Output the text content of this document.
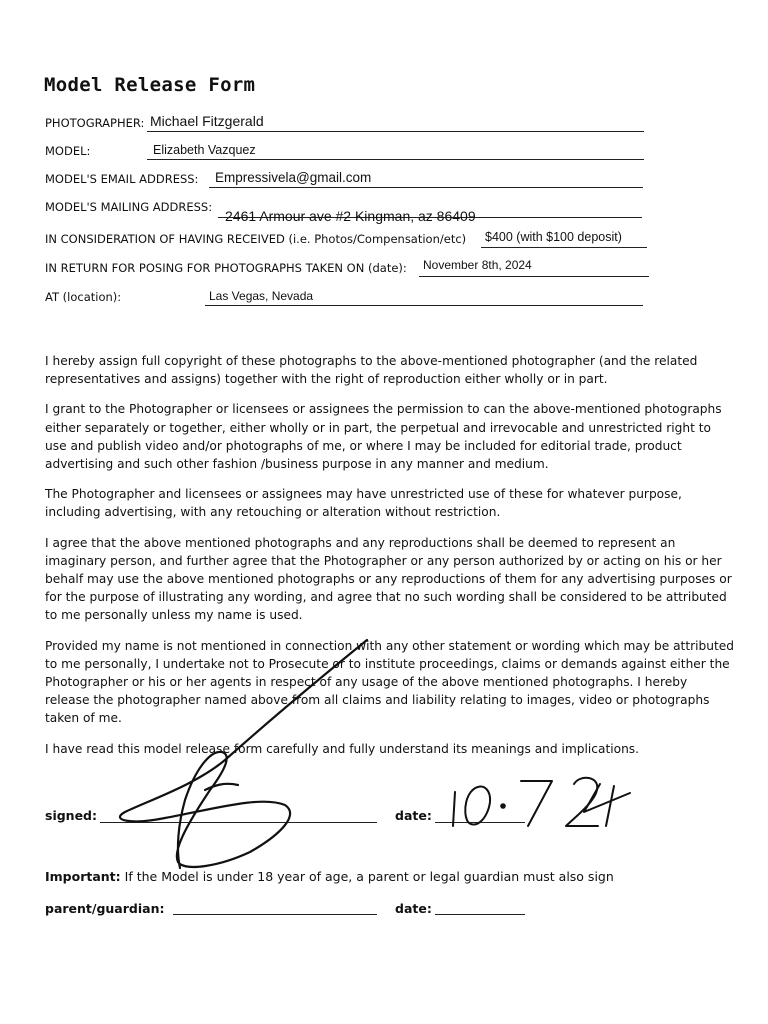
Model Release Form
PHOTOGRAPHER: Michael Fitzgerald
MODEL:	Elizabeth Vazquez
MODEL'S EMAIL ADDRESS: Empressivela@gmail.com
MODEL'S MAILING ADDRESS:
2461 Armour ave #2 Kingman, az 86409
IN CONSIDERATION OF HAVING RECEIVED (i.e. Photos/Compensation/etc) $400 (with $100 deposit)
IN RETURN FOR POSING FOR PHOTOGRAPHS TAKEN ON (date): November 8th, 2024
AT (location):	Las Vegas, Nevada

I hereby assign full copyright of these photographs to the above-mentioned photographer (and the related representatives and assigns) together with the right of reproduction either wholly or in part.

I grant to the Photographer or licensees or assignees the permission to can the above-mentioned photographs either separately or together, either wholly or in part, the perpetual and irrevocable and unrestricted right to use and publish video and/or photographs of me, or where I may be included for editorial trade, product advertising and such other fashion /business purpose in any manner and medium.

The Photographer and licensees or assignees may have unrestricted use of these for whatever purpose, including advertising, with any retouching or alteration without restriction.

I agree that the above mentioned photographs and any reproductions shall be deemed to represent an imaginary person, and further agree that the Photographer or any person authorized by or acting on his or her behalf may use the above mentioned photographs or any reproductions of them for any advertising purposes or for the purpose of illustrating any wording, and agree that no such wording shall be considered to be attributed to me personally unless my name is used.

Provided my name is not mentioned in connection with any other statement or wording which may be attributed to me personally, I undertake not to Prosecute or to institute proceedings, claims or demands against either the Photographer or his or her agents in respect of any usage of the above mentioned photographs. I hereby release the photographer named above from all claims and liability relating to images, video or photographs taken of me.

I have read this model release form carefully and fully understand its meanings and implications.

signed:	date:
Important: If the Model is under 18 year of age, a parent or legal guardian must also sign
parent/guardian:	date:
